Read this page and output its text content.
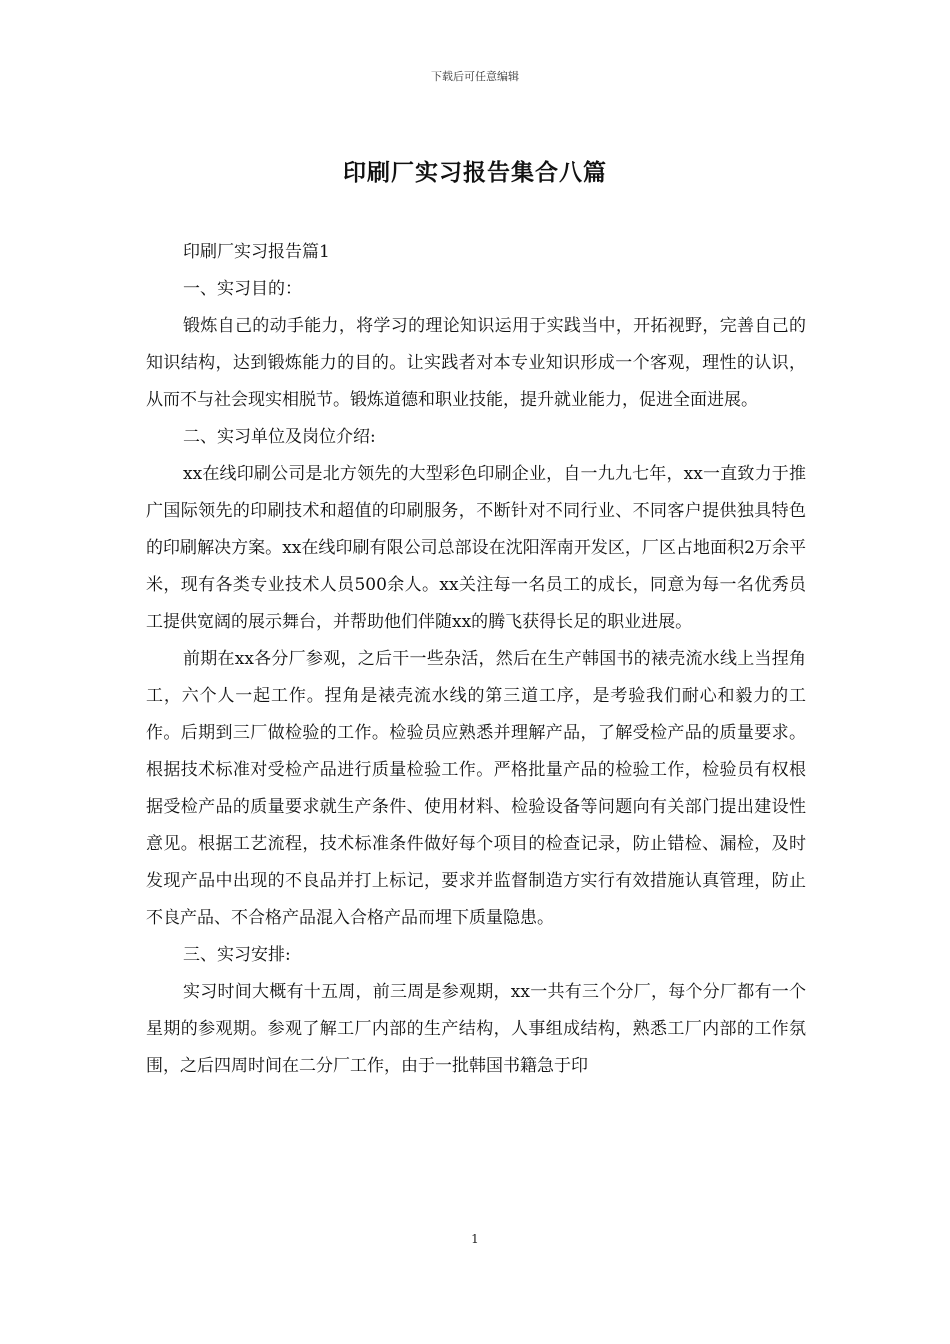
下载后可任意编辑
印刷厂实习报告集合八篇

印刷厂实习报告篇1

一、实习目的：

锻炼自己的动手能力，将学习的理论知识运用于实践当中，开拓视野，完善自己的知识结构，达到锻炼能力的目的。让实践者对本专业知识形成一个客观，理性的认识，从而不与社会现实相脱节。锻炼道德和职业技能，提升就业能力，促进全面进展。

二、实习单位及岗位介绍:

xx在线印刷公司是北方领先的大型彩色印刷企业，自一九九七年，xx一直致力于推广国际领先的印刷技术和超值的印刷服务，不断针对不同行业、不同客户提供独具特色的印刷解决方案。xx在线印刷有限公司总部设在沈阳浑南开发区，厂区占地面积2万余平米，现有各类专业技术人员500余人。xx关注每一名员工的成长，同意为每一名优秀员工提供宽阔的展示舞台，并帮助他们伴随xx的腾飞获得长足的职业进展。

前期在xx各分厂参观，之后干一些杂活，然后在生产韩国书的裱壳流水线上当捏角工，六个人一起工作。捏角是裱壳流水线的第三道工序，是考验我们耐心和毅力的工作。后期到三厂做检验的工作。检验员应熟悉并理解产品，了解受检产品的质量要求。根据技术标准对受检产品进行质量检验工作。严格批量产品的检验工作，检验员有权根据受检产品的质量要求就生产条件、使用材料、检验设备等问题向有关部门提出建设性意见。根据工艺流程，技术标准条件做好每个项目的检查记录，防止错检、漏检，及时发现产品中出现的不良品并打上标记，要求并监督制造方实行有效措施认真管理，防止不良产品、不合格产品混入合格产品而埋下质量隐患。

三、实习安排:

实习时间大概有十五周，前三周是参观期，xx一共有三个分厂，每个分厂都有一个星期的参观期。参观了解工厂内部的生产结构，人事组成结构，熟悉工厂内部的工作氛围，之后四周时间在二分厂工作，由于一批韩国书籍急于印

1
